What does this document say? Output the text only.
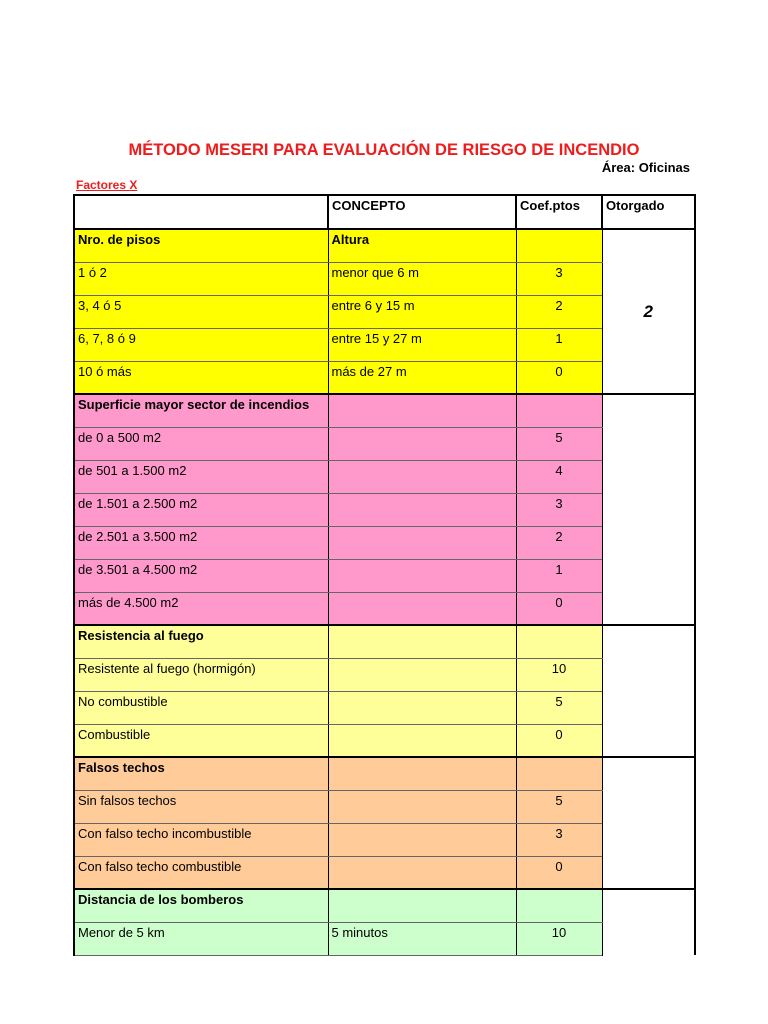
MÉTODO MESERI PARA EVALUACIÓN DE RIESGO DE INCENDIO
Área: Oficinas
Factores X
	CONCEPTO	Coef.ptos	Otorgado
Nro. de pisos	Altura		2
1 ó 2	menor que 6 m	3	
3, 4 ó 5	entre 6 y 15 m	2	
6, 7, 8 ó 9	entre 15 y 27 m	1	
10 ó más	más de 27 m	0	
Superficie mayor sector de incendios			
de 0 a 500 m2		5	
de 501 a 1.500 m2		4	
de 1.501 a 2.500 m2		3	
de 2.501 a 3.500 m2		2	
de 3.501 a 4.500 m2		1	
más de 4.500 m2		0	
Resistencia al fuego			
Resistente al fuego (hormigón)		10	
No combustible		5	
Combustible		0	
Falsos techos			
Sin falsos techos		5	
Con falso techo incombustible		3	
Con falso techo combustible		0	
Distancia de los bomberos			
Menor de 5 km	5 minutos	10	
